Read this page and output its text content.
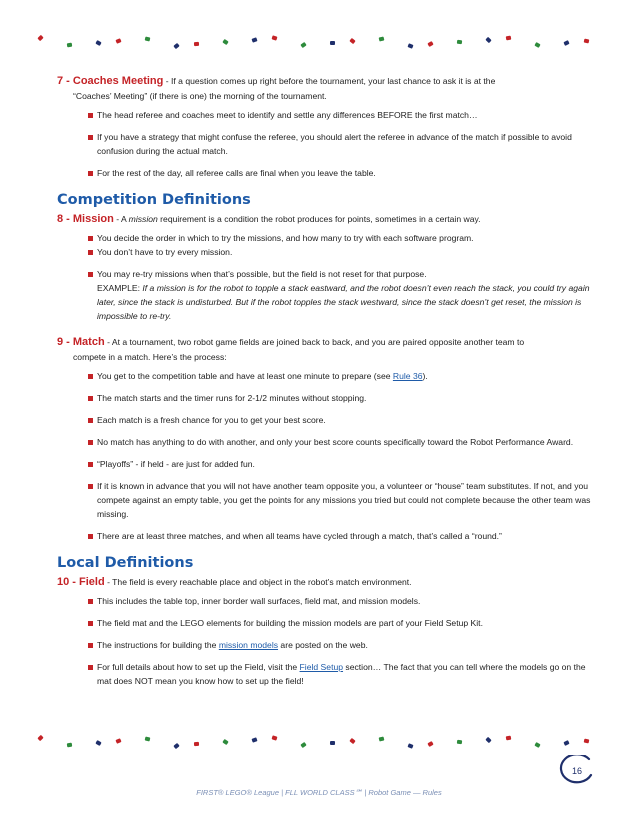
7 - Coaches Meeting - If a question comes up right before the tournament, your last chance to ask it is at the

“Coaches’ Meeting” (if there is one) the morning of the tournament.

The head referee and coaches meet to identify and settle any differences BEFORE the first match…
If you have a strategy that might confuse the referee, you should alert the referee in advance of the match if possible to avoid confusion during the actual match.
For the rest of the day, all referee calls are final when you leave the table.
Competition Definitions

8 - Mission - A mission requirement is a condition the robot produces for points, sometimes in a certain way.

You decide the order in which to try the missions, and how many to try with each software program.
You don’t have to try every mission.
You may re-try missions when that’s possible, but the field is not reset for that purpose.
EXAMPLE: If a mission is for the robot to topple a stack eastward, and the robot doesn’t even reach the stack, you could try again later, since the stack is undisturbed. But if the robot topples the stack westward, since the stack doesn’t get reset, the mission is impossible to re-try.

9 - Match - At a tournament, two robot game fields are joined back to back, and you are paired opposite another team to

compete in a match. Here’s the process:

You get to the competition table and have at least one minute to prepare (see Rule 36).
The match starts and the timer runs for 2-1/2 minutes without stopping.
Each match is a fresh chance for you to get your best score.
No match has anything to do with another, and only your best score counts specifically toward the Robot Performance Award.
“Playoffs” - if held - are just for added fun.
If it is known in advance that you will not have another team opposite you, a volunteer or “house” team substitutes. If not, and you compete against an empty table, you get the points for any missions you tried but could not complete because the other team was missing.
There are at least three matches, and when all teams have cycled through a match, that’s called a “round.”
Local Definitions

10 - Field - The field is every reachable place and object in the robot’s match environment.

This includes the table top, inner border wall surfaces, field mat, and mission models.
The field mat and the LEGO elements for building the mission models are part of your Field Setup Kit.
The instructions for building the mission models are posted on the web.
For full details about how to set up the Field, visit the Field Setup section… The fact that you can tell where the models go on the mat does NOT mean you know how to set up the field!
16
FIRST® LEGO® League | FLL WORLD CLASS℠ | Robot Game — Rules
